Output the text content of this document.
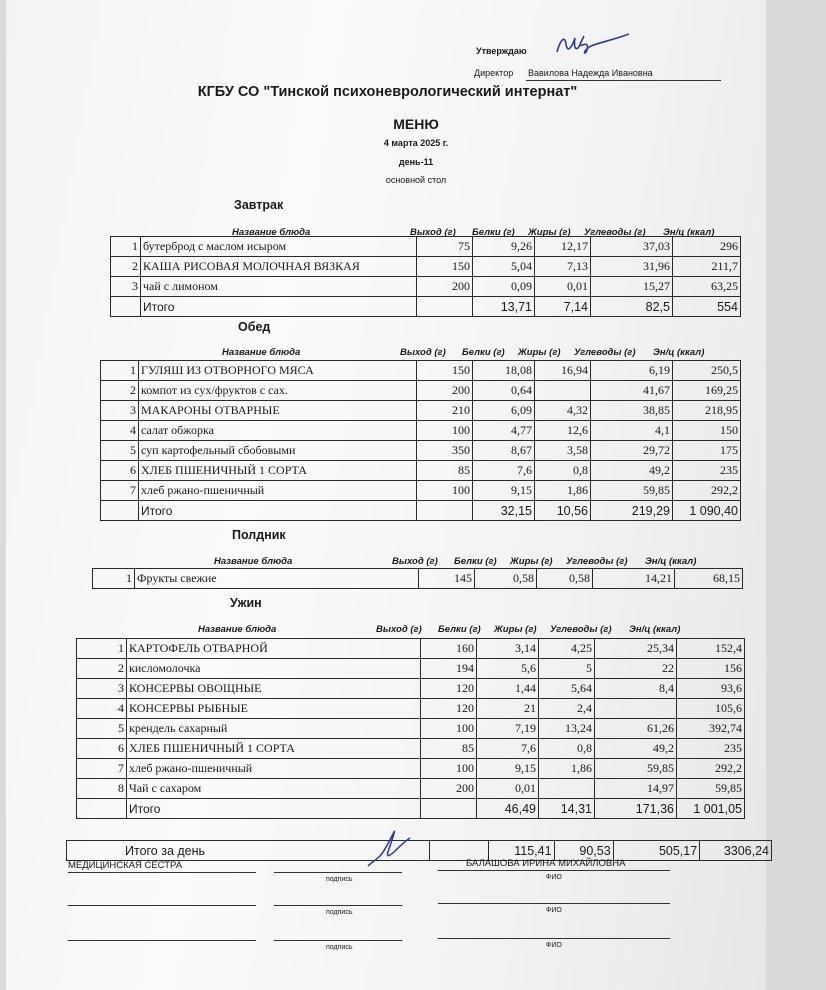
Утверждаю
Директор Вавилова Надежда Ивановна
КГБУ СО "Тинской психоневрологический интернат"
МЕНЮ
4 марта 2025 г.
день-11
основной стол
Завтрак
Название блюда	Выход (г) Белки (г) Жиры (г) Углеводы (г) Эн/ц (ккал)
1	бутерброд с маслом исыром	75	9,26	12,17	37,03	296
2	КАША РИСОВАЯ МОЛОЧНАЯ ВЯЗКАЯ	150	5,04	7,13	31,96	211,7
3	чай с лимоном	200	0,09	0,01	15,27	63,25
	Итого		13,71	7,14	82,5	554
Обед
Название блюда	Выход (г) Белки (г) Жиры (г) Углеводы (г) Эн/ц (ккал)
1	ГУЛЯШ ИЗ ОТВОРНОГО МЯСА	150	18,08	16,94	6,19	250,5
2	компот из сух/фруктов с сах.	200	0,64		41,67	169,25
3	МАКАРОНЫ ОТВАРНЫЕ	210	6,09	4,32	38,85	218,95
4	салат обжорка	100	4,77	12,6	4,1	150
5	суп картофельный сбобовыми	350	8,67	3,58	29,72	175
6	ХЛЕБ ПШЕНИЧНЫЙ 1 СОРТА	85	7,6	0,8	49,2	235
7	хлеб ржано-пшеничный	100	9,15	1,86	59,85	292,2
	Итого		32,15	10,56	219,29	1 090,40
Полдник
Название блюда	Выход (г) Белки (г) Жиры (г) Углеводы (г) Эн/ц (ккал)
1	Фрукты свежие	145	0,58	0,58	14,21	68,15
Ужин
Название блюда	Выход (г) Белки (г) Жиры (г) Углеводы (г) Эн/ц (ккал)
1	КАРТОФЕЛЬ ОТВАРНОЙ	160	3,14	4,25	25,34	152,4
2	кисломолочка	194	5,6	5	22	156
3	КОНСЕРВЫ ОВОЩНЫЕ	120	1,44	5,64	8,4	93,6
4	КОНСЕРВЫ РЫБНЫЕ	120	21	2,4		105,6
5	крендель сахарный	100	7,19	13,24	61,26	392,74
6	ХЛЕБ ПШЕНИЧНЫЙ 1 СОРТА	85	7,6	0,8	49,2	235
7	хлеб ржано-пшеничный	100	9,15	1,86	59,85	292,2
8	Чай с сахаром	200	0,01		14,97	59,85
	Итого		46,49	14,31	171,36	1 001,05
Итого за день		115,41	90,53	505,17	3306,24
МЕДИЦИНСКАЯ СЕСТРА
подпись
БАЛАШОВА ИРИНА МИХАЙЛОВНА
ФИО
подпись	ФИО
подпись	ФИО
